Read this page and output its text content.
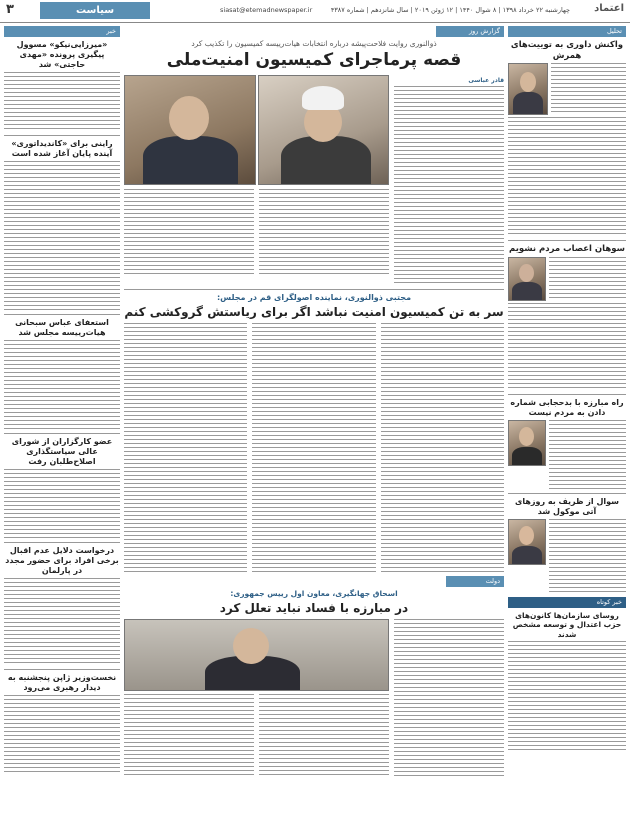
اعتماد
چهارشنبه ۲۲ خرداد ۱۳۹۸ | ۸ شوال ۱۴۴۰ | ۱۲ ژوئن ۲۰۱۹ | سال شانزدهم | شماره ۴۳۸۷
siasat@etemadnewspaper.ir
سیاست
۳
تحلیل
واکنش داوری به توییت‌های همرش
سوهان اعصاب مردم نشویم
راه مبارزه با بدحجابی شماره دادن به مردم نیست
سوال از ظریف به روزهای آتی موکول شد
خبر کوتاه
روسای سازمان‌ها کانون‌های حزب اعتدال و توسعه مشخص شدند
گزارش روز
ذوالنوری روایت فلاحت‌پیشه درباره انتخابات هیات‌رییسه کمیسیون را تکذیب کرد
قصه پرماجرای کمیسیون امنیت‌ملی
قادر عباسی
مجتبی ذوالنوری، نماینده اصولگرای قم در مجلس:
سر به تن کمیسیون امنیت نباشد اگر برای ریاستش گروکشی کنم
دولت
اسحاق جهانگیری، معاون اول رییس جمهوری:
در مبارزه با فساد نباید تعلل کرد
خبر
«میرزایی‌نیکو» مسوول پیگیری پرونده «مهدی حاجتی» شد
راینی برای «کاندیداتوری» آینده پایان آغاز شده است
استعفای عباس سبحانی هیات‌رییسه مجلس شد
عضو کارگزاران از شورای عالی سیاستگذاری اصلاح‌طلبان رفت
درخواست دلایل عدم اقبال برخی افراد برای حضور مجدد در پارلمان
نخست‌وزیر ژاپن پنجشنبه به دیدار رهبری می‌رود
